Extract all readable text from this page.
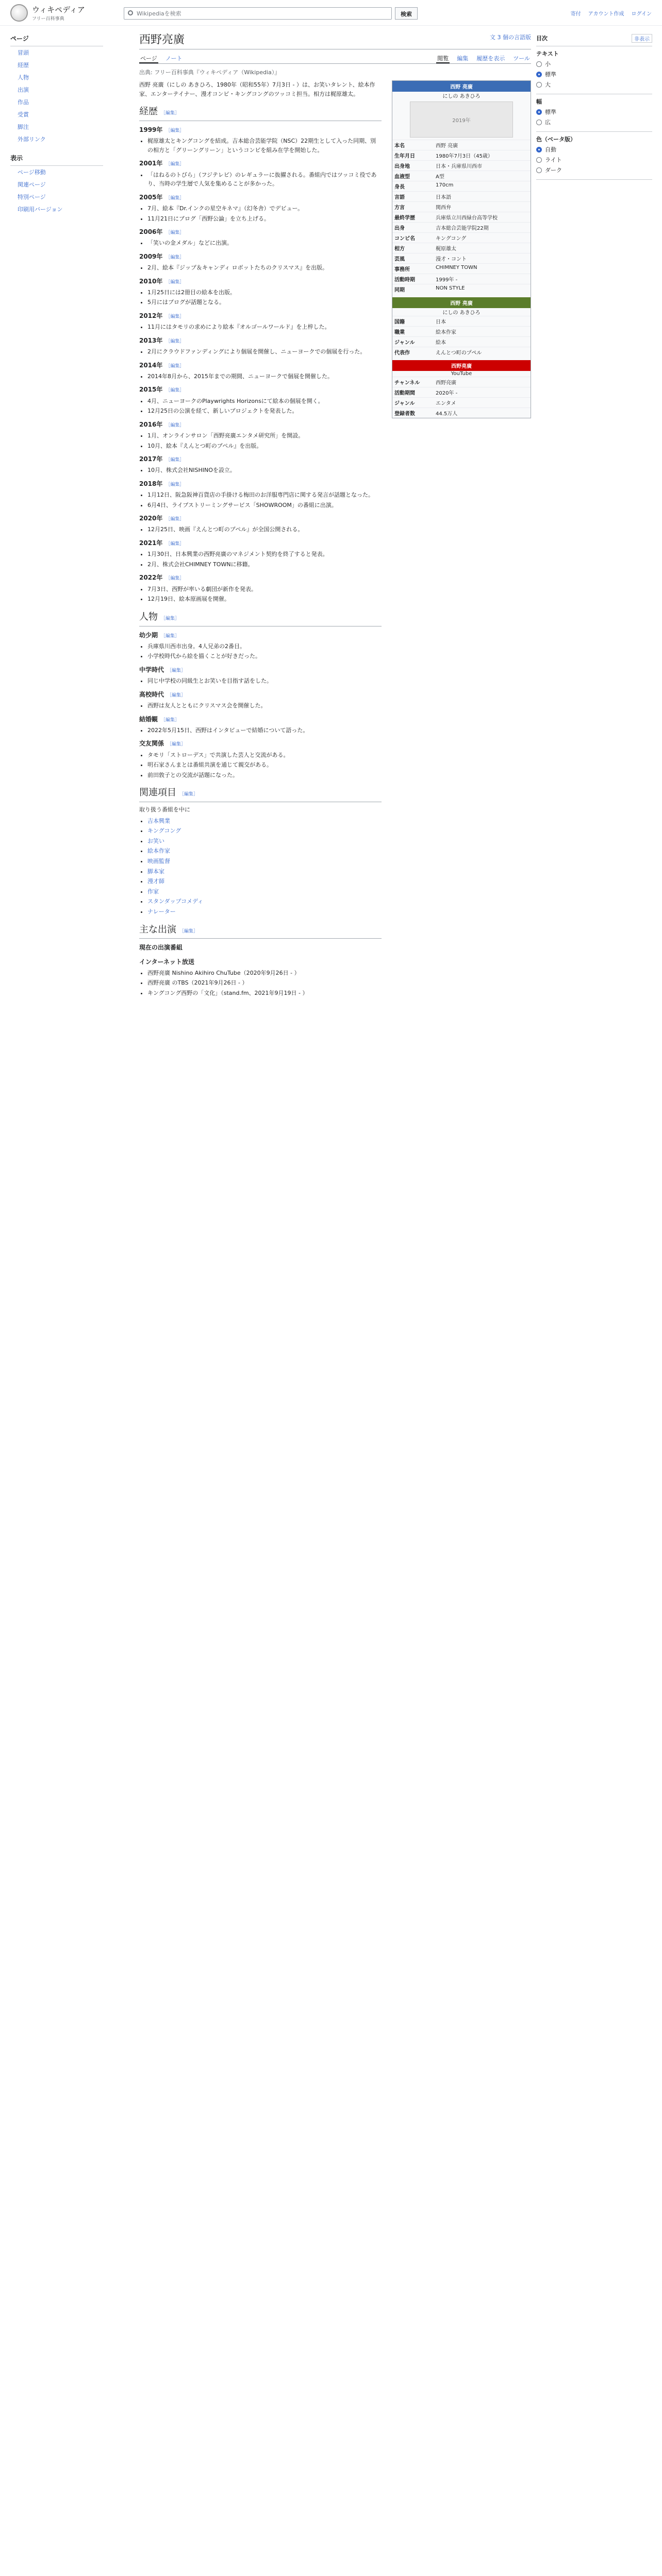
ウィキペディア
フリー百科事典
Wikipediaを検索	検索	寄付 アカウント作成 ログイン
ページ
冒頭
経歴
人物
出演
作品
受賞
脚注
外部リンク
表示
ページ移動
関連ページ
特別ページ
印刷用バージョン
西野亮廣	文 3 個の言語版
ページ ノート	閲覧 編集 履歴を表示 ツール
出典: フリー百科事典『ウィキペディア（Wikipedia）』

西野 亮廣（にしの あきひろ、1980年（昭和55年）7月3日 - ）は、お笑いタレント、絵本作家、エンターテイナー、漫才コンビ・キングコングのツッコミ担当。相方は梶原雄太。

経歴 ［編集］
1999年 ［編集］
• 梶原雄太とキングコングを結成。吉本総合芸能学院（NSC）22期生として入った同期、別の相方と「グリーングリーン」というコンビを組み在学を開始した。
2001年 ［編集］
• 「はねるのトびら」（フジテレビ）のレギュラーに抜擢される。番組内ではツッコミ役であり、当時の学生層で人気を集めることが多かった。
2005年 ［編集］
• 7月、絵本『Dr.インクの星空キネマ』（幻冬舎）でデビュー。
• 11月21日にブログ「西野公論」を立ち上げる。
2006年 ［編集］
• 「笑いの金メダル」などに出演。
2009年 ［編集］
• 2月、絵本『ジップ＆キャンディ ロボットたちのクリスマス』を出版。
2010年 ［編集］
• 1月25日には2冊目の絵本を出版。
• 5月にはブログが話題となる。
2012年 ［編集］
• 11月にはタモリの求めにより絵本『オルゴールワールド』を上梓した。
2013年 ［編集］
• 2月にクラウドファンディングにより個展を開催し、ニューヨークでの個展を行った。
2014年 ［編集］
• 2014年8月から、2015年までの期間、ニューヨークで個展を開催した。
2015年 ［編集］
• 4月、ニューヨークのPlaywrights Horizonsにて絵本の個展を開く。
• 12月25日の公演を経て、新しいプロジェクトを発表した。
2016年 ［編集］
• 1月、オンラインサロン「西野亮廣エンタメ研究所」を開設。
• 10月、絵本『えんとつ町のプペル』を出版。
2017年 ［編集］
• 10月、株式会社NISHINOを設立。
2018年 ［編集］
• 1月12日、阪急阪神百貨店の手掛ける梅田のお洋服専門店に関する発言が話題となった。
• 6月4日、ライブストリーミングサービス「SHOWROOM」の番組に出演。
2020年 ［編集］
• 12月25日、映画『えんとつ町のプペル』が全国公開される。
2021年 ［編集］
• 1月30日、日本興業の西野亮廣のマネジメント契約を終了すると発表。
• 2月、株式会社CHIMNEY TOWNに移籍。
2022年 ［編集］
• 7月3日、西野が率いる劇団が新作を発表。
• 12月19日、絵本原画展を開催。
人物 ［編集］
幼少期 ［編集］
• 兵庫県川西市出身。4人兄弟の2番目。
• 小学校時代から絵を描くことが好きだった。
中学時代 ［編集］
• 同じ中学校の同級生とお笑いを目指す話をした。
高校時代 ［編集］
• 西野は友人とともにクリスマス会を開催した。
結婚観 ［編集］
• 2022年5月15日、西野はインタビューで結婚について語った。
交友関係 ［編集］
• タモリ「ストローデス」で共演した芸人と交流がある。
• 明石家さんまとは番組共演を通じて親交がある。
• 前田敦子との交流が話題になった。
関連項目 ［編集］

取り扱う番組を中に

• 吉本興業
• キングコング
• お笑い
• 絵本作家
• 映画監督
• 脚本家
• 漫才師
• 作家
• スタンダップコメディ
• ナレーター
主な出演 ［編集］
現在の出演番組
インターネット放送
• 西野亮廣 Nishino Akihiro ChuTube（2020年9月26日 - ）
• 西野亮廣 のTBS（2021年9月26日 - ）
• キングコング西野の「文化」（stand.fm、2021年9月19日 - ）
西野 亮廣
にしの あきひろ
2019年
本名	西野 亮廣
生年月日	1980年7月3日（45歳）
出身地	日本・兵庫県川西市
血液型	A型
身長	170cm
言語	日本語
方言	関西弁
最終学歴	兵庫県立川西緑台高等学校
出身	吉本総合芸能学院22期
コンビ名	キングコング
相方	梶原雄太
芸風	漫才・コント
事務所	CHIMNEY TOWN
活動時期	1999年 -
同期	NON STYLE
西野 亮廣
にしの あきひろ
国籍	日本
職業	絵本作家
ジャンル	絵本
代表作	えんとつ町のプペル
西野亮廣
YouTube
チャンネル	西野亮廣
活動期間	2020年 -
ジャンル	エンタメ
登録者数	44.5万人
目次	非表示
テキスト
小
標準
大
幅
標準
広
色（ベータ版）
自動
ライト
ダーク
